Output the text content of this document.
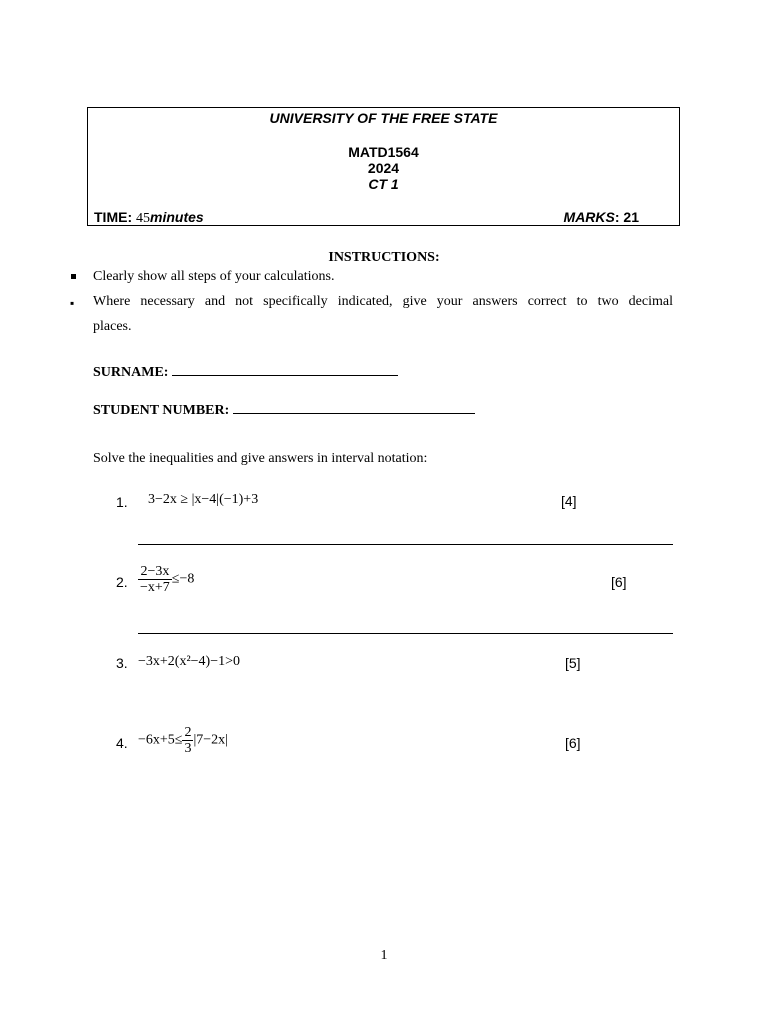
UNIVERSITY OF THE FREE STATE
MATD1564
2024
CT 1
TIME: 45minutes	MARKS: 21
INSTRUCTIONS:
Clearly show all steps of your calculations.
▪ Where necessary and not specifically indicated, give your answers correct to two decimal
places.
SURNAME:
STUDENT NUMBER:
Solve the inequalities and give answers in interval notation:
1. 3−2x ≥ |x−4|(−1)+3	[4]
2. $\frac{2-3x}{-x+7} \le-8$	[6]
3. −3x+2(x²−4)−1>0	[5]
4. $-6x+5\le \frac{2}{3} |7-2x|$	[6]
1
